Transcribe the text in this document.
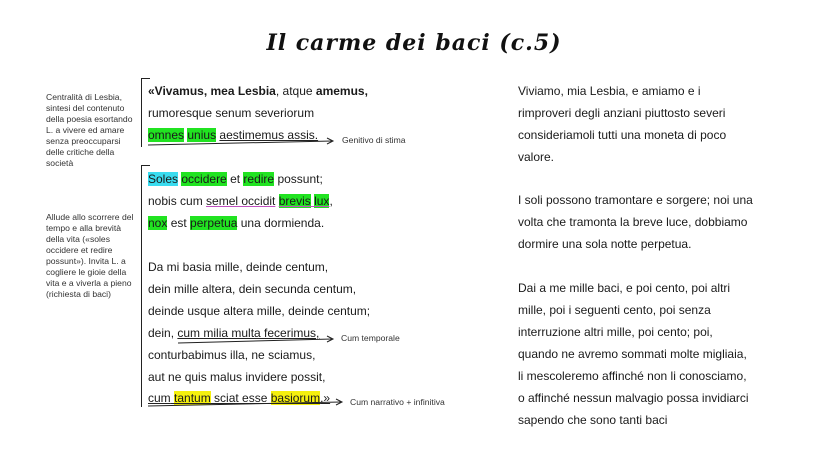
Il carme dei baci (c.5)
Centralità di Lesbia, sintesi del contenuto della poesia esortando L. a vivere ed amare senza preoccuparsi delle critiche della società
Allude allo scorrere del tempo e alla brevità della vita («soles occidere et redire possunt»). Invita L. a cogliere le gioie della vita e a viverla a pieno (richiesta di baci)
«Vivamus, mea Lesbia, atque amemus,
rumoresque senum severiorum
omnes unius aestimemus assis.
Soles occidere et redire possunt;
nobis cum semel occidit brevis lux,
nox est perpetua una dormienda.
Da mi basia mille, deinde centum,
dein mille altera, dein secunda centum,
deinde usque altera mille, deinde centum;
dein, cum milia multa fecerimus,
conturbabimus illa, ne sciamus,
aut ne quis malus invidere possit,
cum tantum sciat esse basiorum.»
Genitivo di stima
Cum temporale
Cum narrativo + infinitiva
Viviamo, mia Lesbia, e amiamo e i
rimproveri degli anziani piuttosto severi
consideriamoli tutti una moneta di poco
valore.
I soli possono tramontare e sorgere; noi una
volta che tramonta la breve luce, dobbiamo
dormire una sola notte perpetua.
Dai a me mille baci, e poi cento, poi altri
mille, poi i seguenti cento, poi senza
interruzione altri mille, poi cento; poi,
quando ne avremo sommati molte migliaia,
li mescoleremo affinché non li conosciamo,
o affinché nessun malvagio possa invidiarci
sapendo che sono tanti baci
